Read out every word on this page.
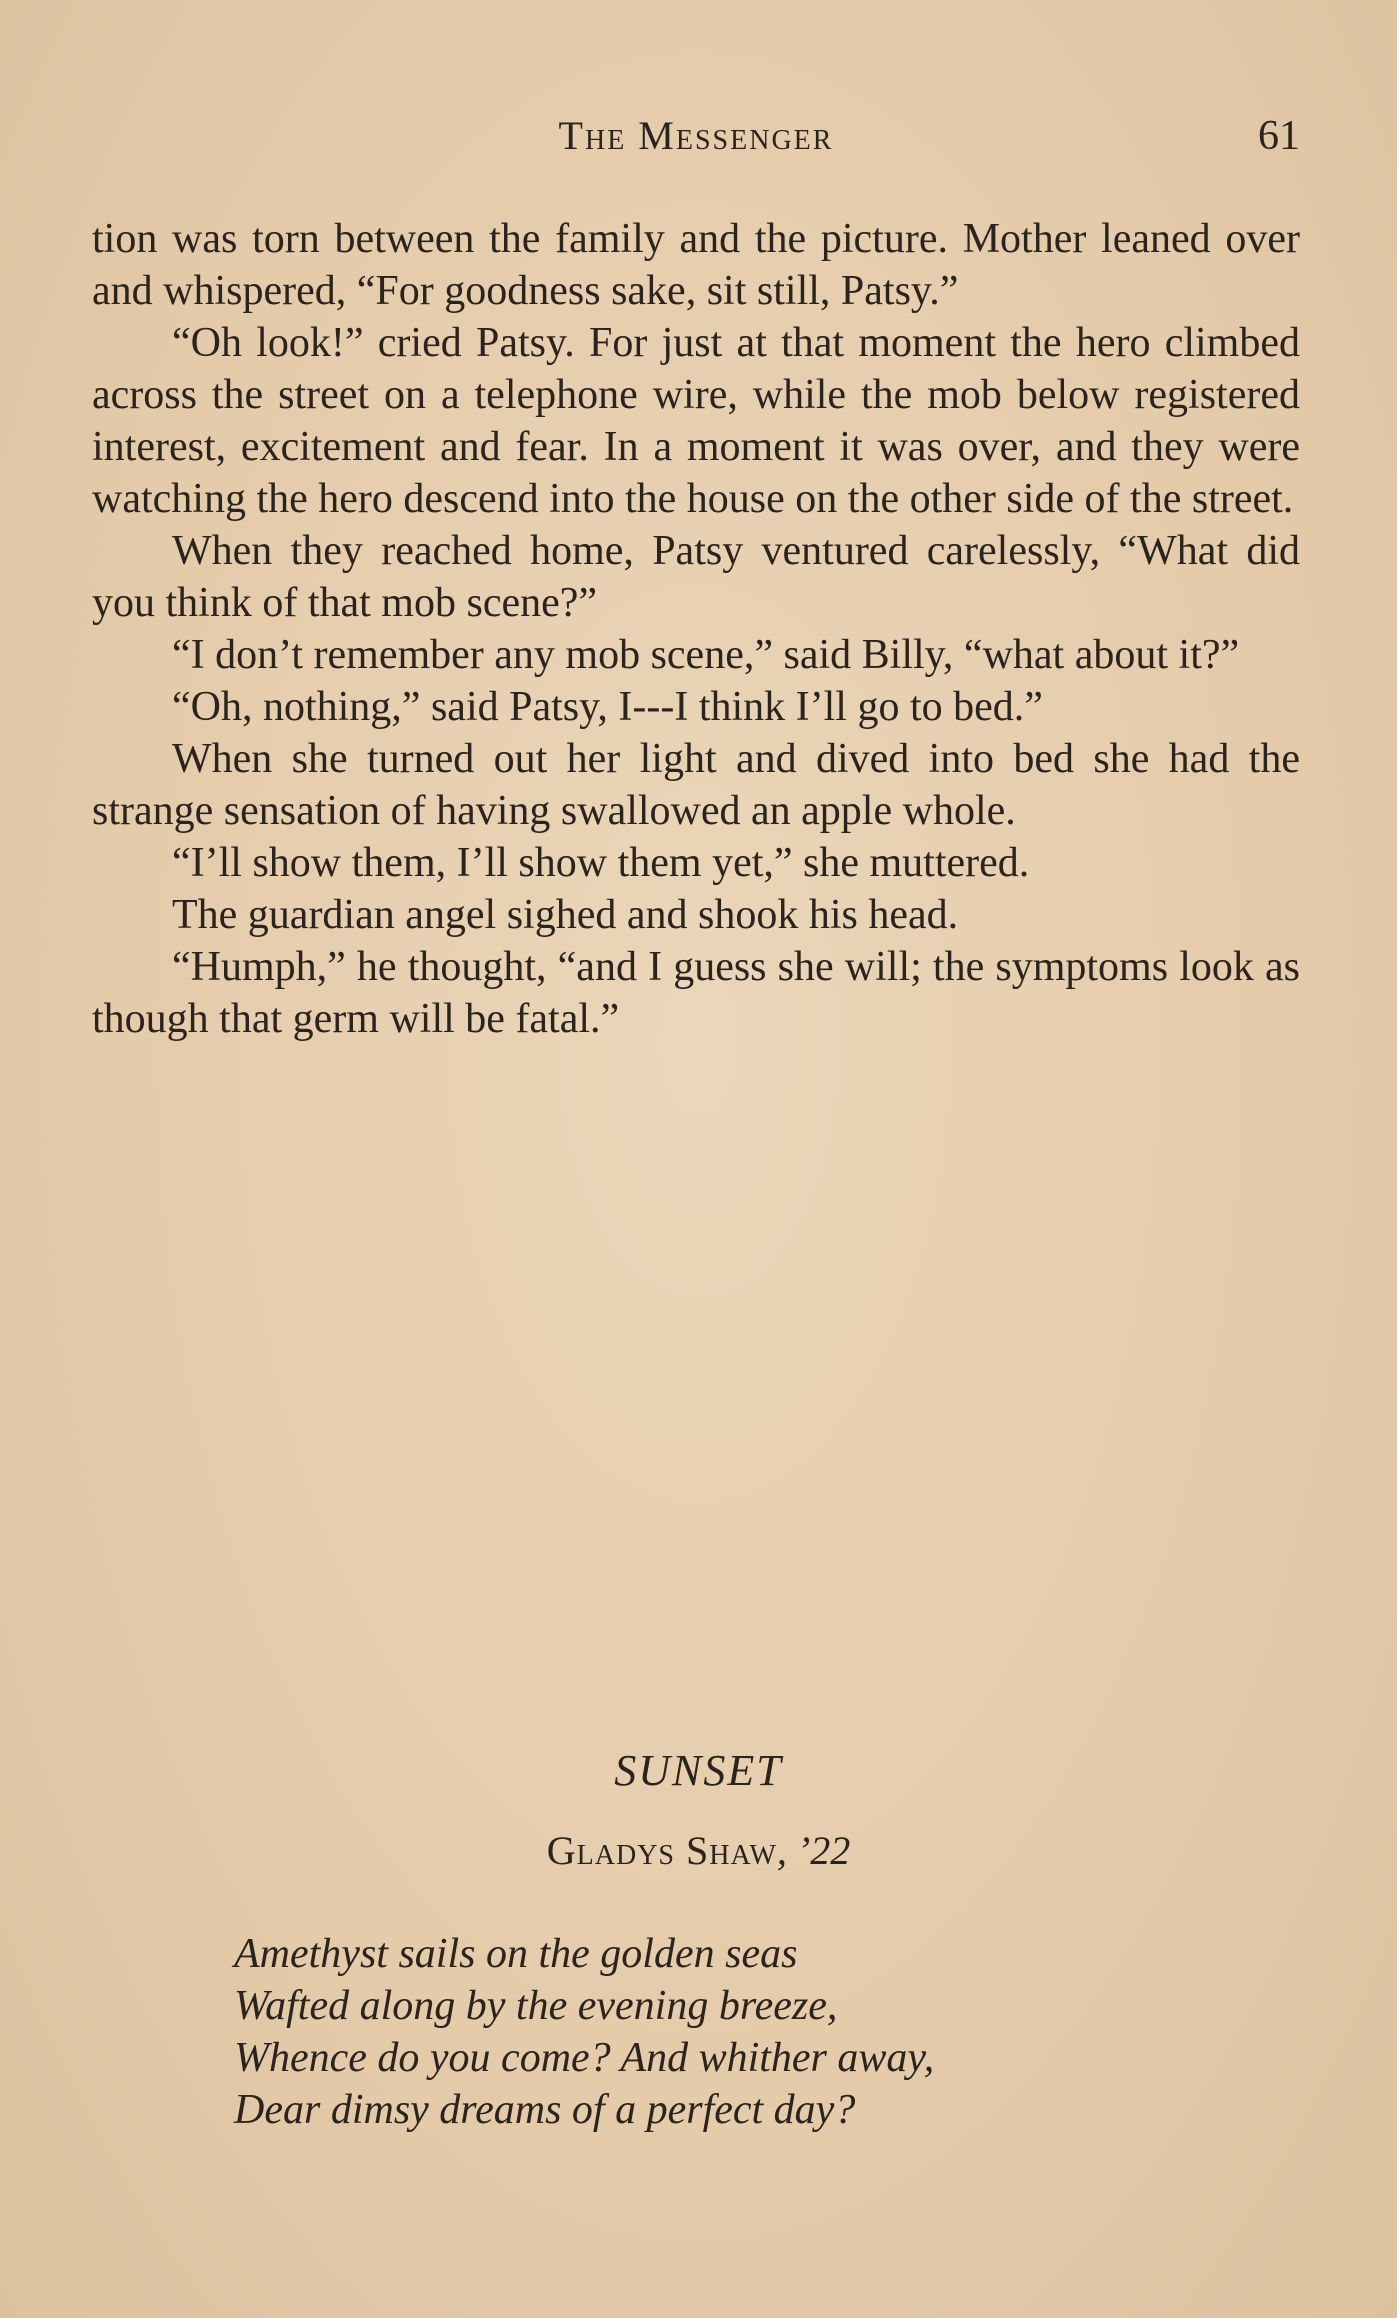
The Messenger	61

tion was torn between the family and the picture. Mother leaned over and whispered, “For goodness sake, sit still, Patsy.”

“Oh look!” cried Patsy. For just at that moment the hero climbed across the street on a telephone wire, while the mob below registered interest, excitement and fear. In a moment it was over, and they were watching the hero descend into the house on the other side of the street.

When they reached home, Patsy ventured carelessly, “What did you think of that mob scene?”

“I don’t remember any mob scene,” said Billy, “what about it?”

“Oh, nothing,” said Patsy, I---I think I’ll go to bed.”

When she turned out her light and dived into bed she had the strange sensation of having swallowed an apple whole.

“I’ll show them, I’ll show them yet,” she muttered.

The guardian angel sighed and shook his head.

“Humph,” he thought, “and I guess she will; the symptoms look as though that germ will be fatal.”

SUNSET
Gladys Shaw, ’22
Amethyst sails on the golden seas
Wafted along by the evening breeze,
Whence do you come? And whither away,
Dear dimsy dreams of a perfect day?
